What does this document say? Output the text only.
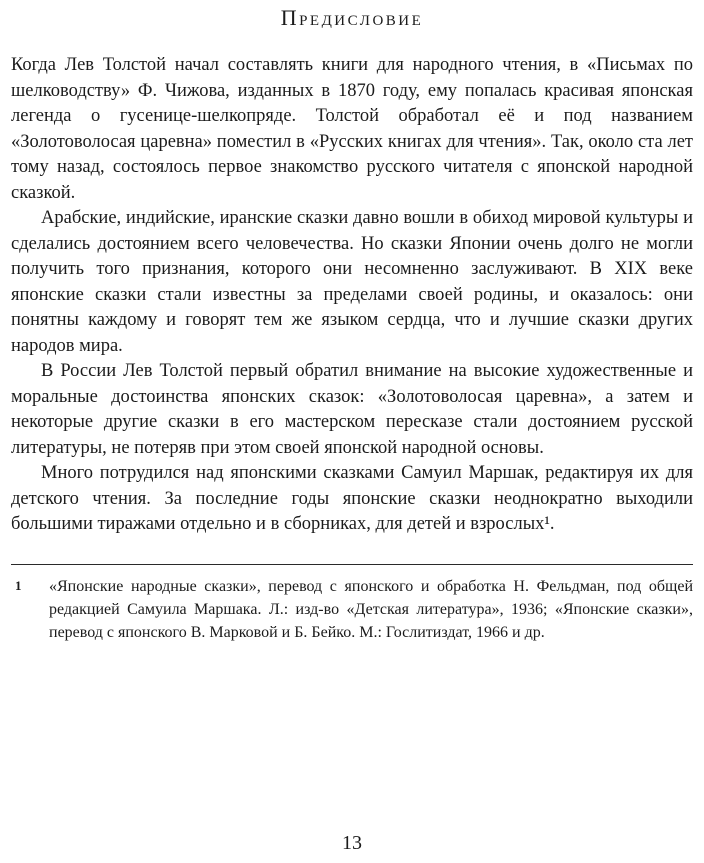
Предисловие

Когда Лев Толстой начал составлять книги для народного чтения, в «Письмах по шелководству» Ф. Чижова, изданных в 1870 году, ему попалась красивая японская легенда о гусенице-шелкопряде. Толстой обработал её и под названием «Золотоволосая царевна» поместил в «Русских книгах для чтения». Так, около ста лет тому назад, состоялось первое знакомство русского читателя с японской народной сказкой.

Арабские, индийские, иранские сказки давно вошли в обиход мировой культуры и сделались достоянием всего человечества. Но сказки Японии очень долго не могли получить того признания, которого они несомненно заслуживают. В XIX веке японские сказки стали известны за пределами своей родины, и оказалось: они понятны каждому и говорят тем же языком сердца, что и лучшие сказки других народов мира.

В России Лев Толстой первый обратил внимание на высокие художественные и моральные достоинства японских сказок: «Золотоволосая царевна», а затем и некоторые другие сказки в его мастерском пересказе стали достоянием русской литературы, не потеряв при этом своей японской народной основы.

Много потрудился над японскими сказками Самуил Маршак, редактируя их для детского чтения. За последние годы японские сказки неоднократно выходили большими тиражами отдельно и в сборниках, для детей и взрослых¹.

1 «Японские народные сказки», перевод с японского и обработка Н. Фельдман, под общей редакцией Самуила Маршака. Л.: изд-во «Детская литература», 1936; «Японские сказки», перевод с японского В. Марковой и Б. Бейко. М.: Гослитиздат, 1966 и др.
13
